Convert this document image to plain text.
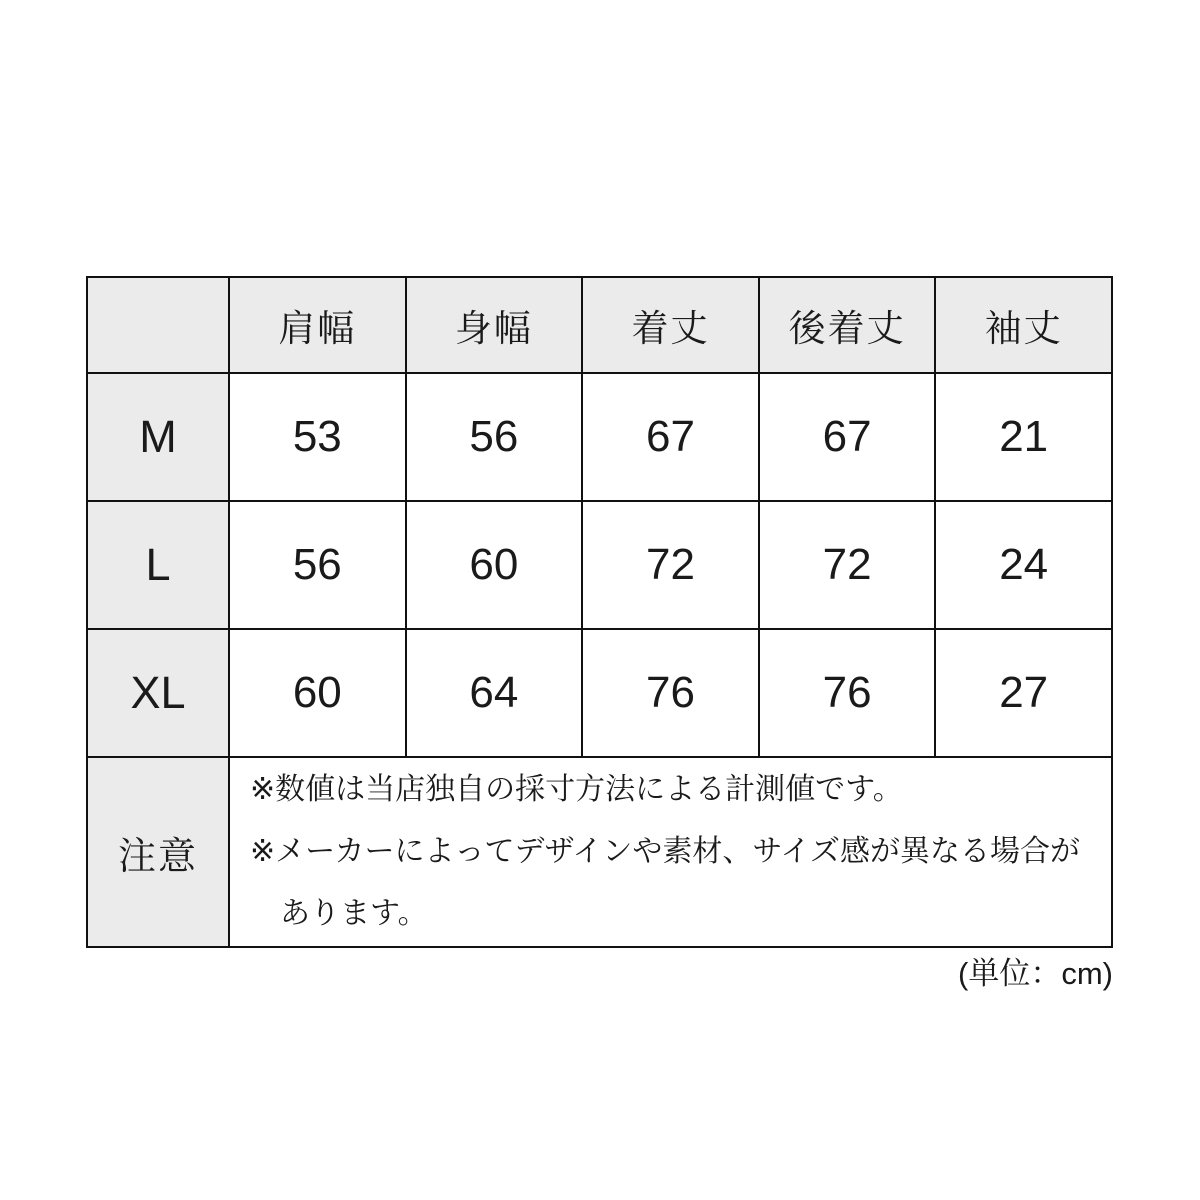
	肩幅	身幅	着丈	後着丈	袖丈
M	53	56	67	67	21
L	56	60	72	72	24
XL	60	64	76	76	27
注意	※数値は当店独自の採寸方法による計測値です。
※メーカーによってデザインや素材、サイズ感が異なる場合が
あります。				
(単位：cm)
